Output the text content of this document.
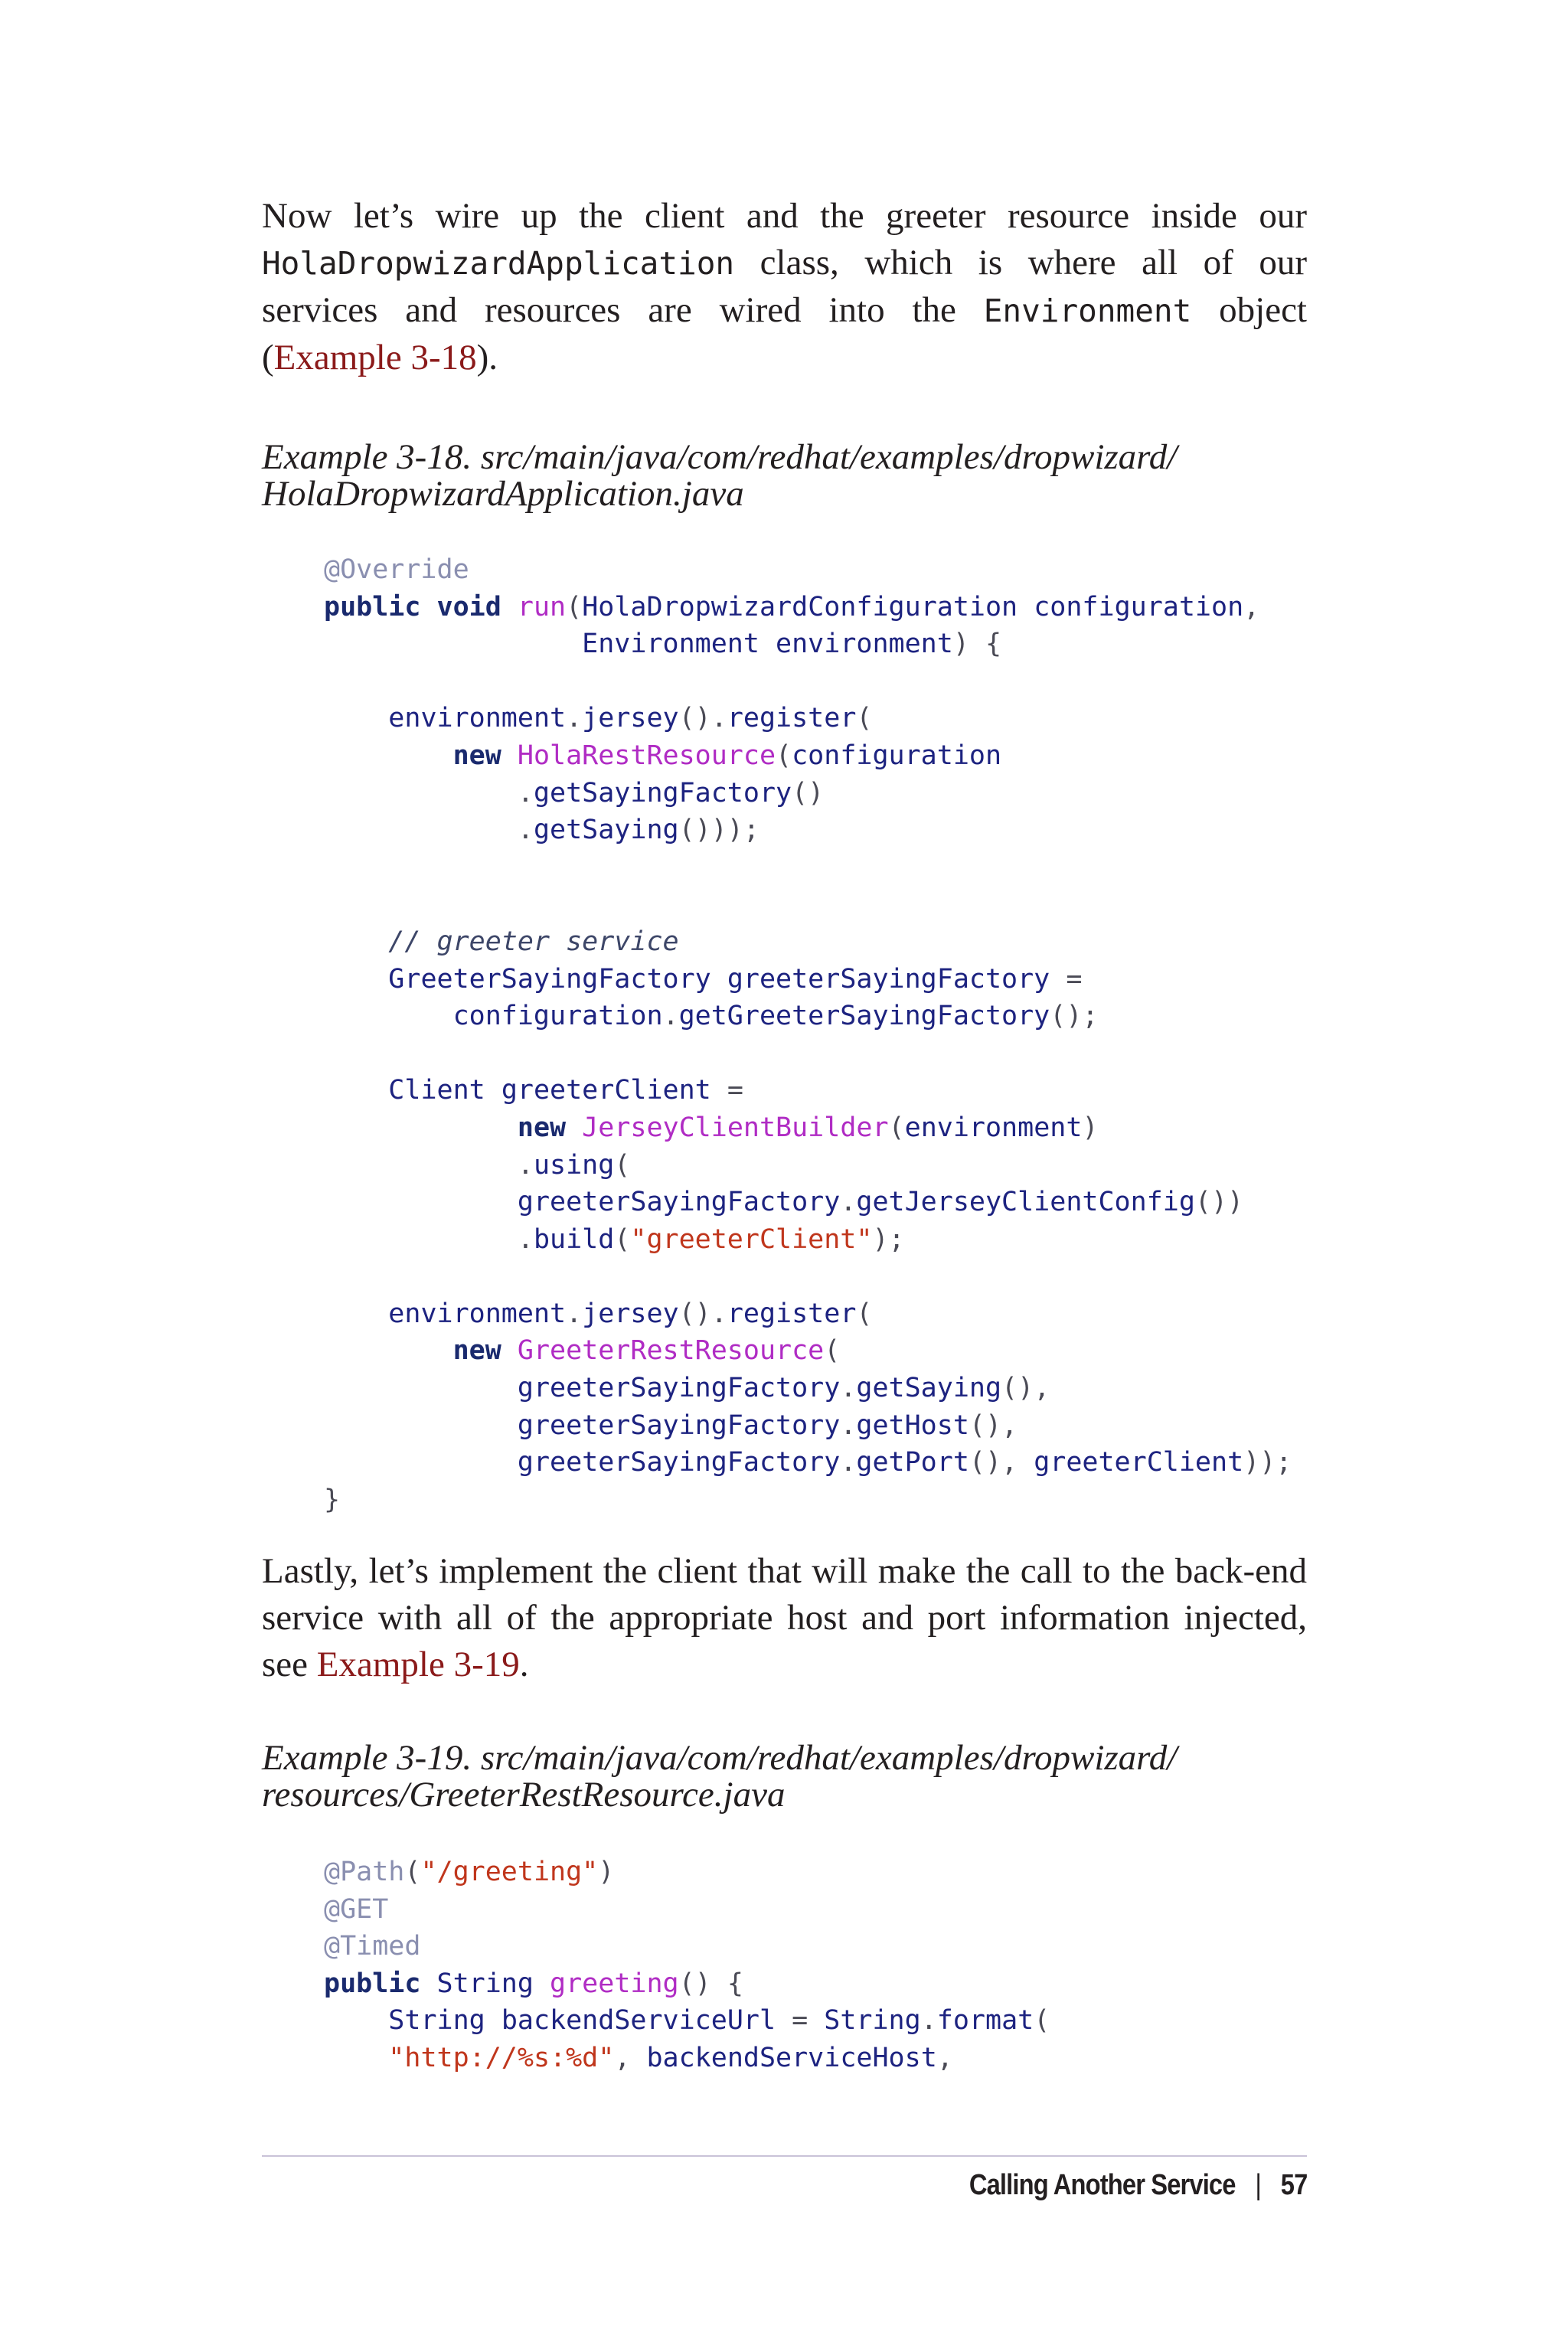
Now let’s wire up the client and the greeter resource inside our HolaDropwizardApplication class, which is where all of our services and resources are wired into the Environment object (Example 3-18).

Example 3-18. src/main/java/com/redhat/examples/dropwizard/
HolaDropwizardApplication.java
@Override
public void run(HolaDropwizardConfiguration configuration,
Environment environment) {

environment.jersey().register(
new HolaRestResource(configuration
.getSayingFactory()
.getSaying()));

// greeter service
GreeterSayingFactory greeterSayingFactory =
configuration.getGreeterSayingFactory();

Client greeterClient =
new JerseyClientBuilder(environment)
.using(
greeterSayingFactory.getJerseyClientConfig())
.build("greeterClient");

environment.jersey().register(
new GreeterRestResource(
greeterSayingFactory.getSaying(),
greeterSayingFactory.getHost(),
greeterSayingFactory.getPort(), greeterClient));
}

Lastly, let’s implement the client that will make the call to the back‐end service with all of the appropriate host and port information injected, see Example 3-19.

Example 3-19. src/main/java/com/redhat/examples/dropwizard/
resources/GreeterRestResource.java
@Path("/greeting")
@GET
@Timed
public String greeting() {
String backendServiceUrl = String.format(
"http://%s:%d", backendServiceHost,
Calling Another Service | 57
